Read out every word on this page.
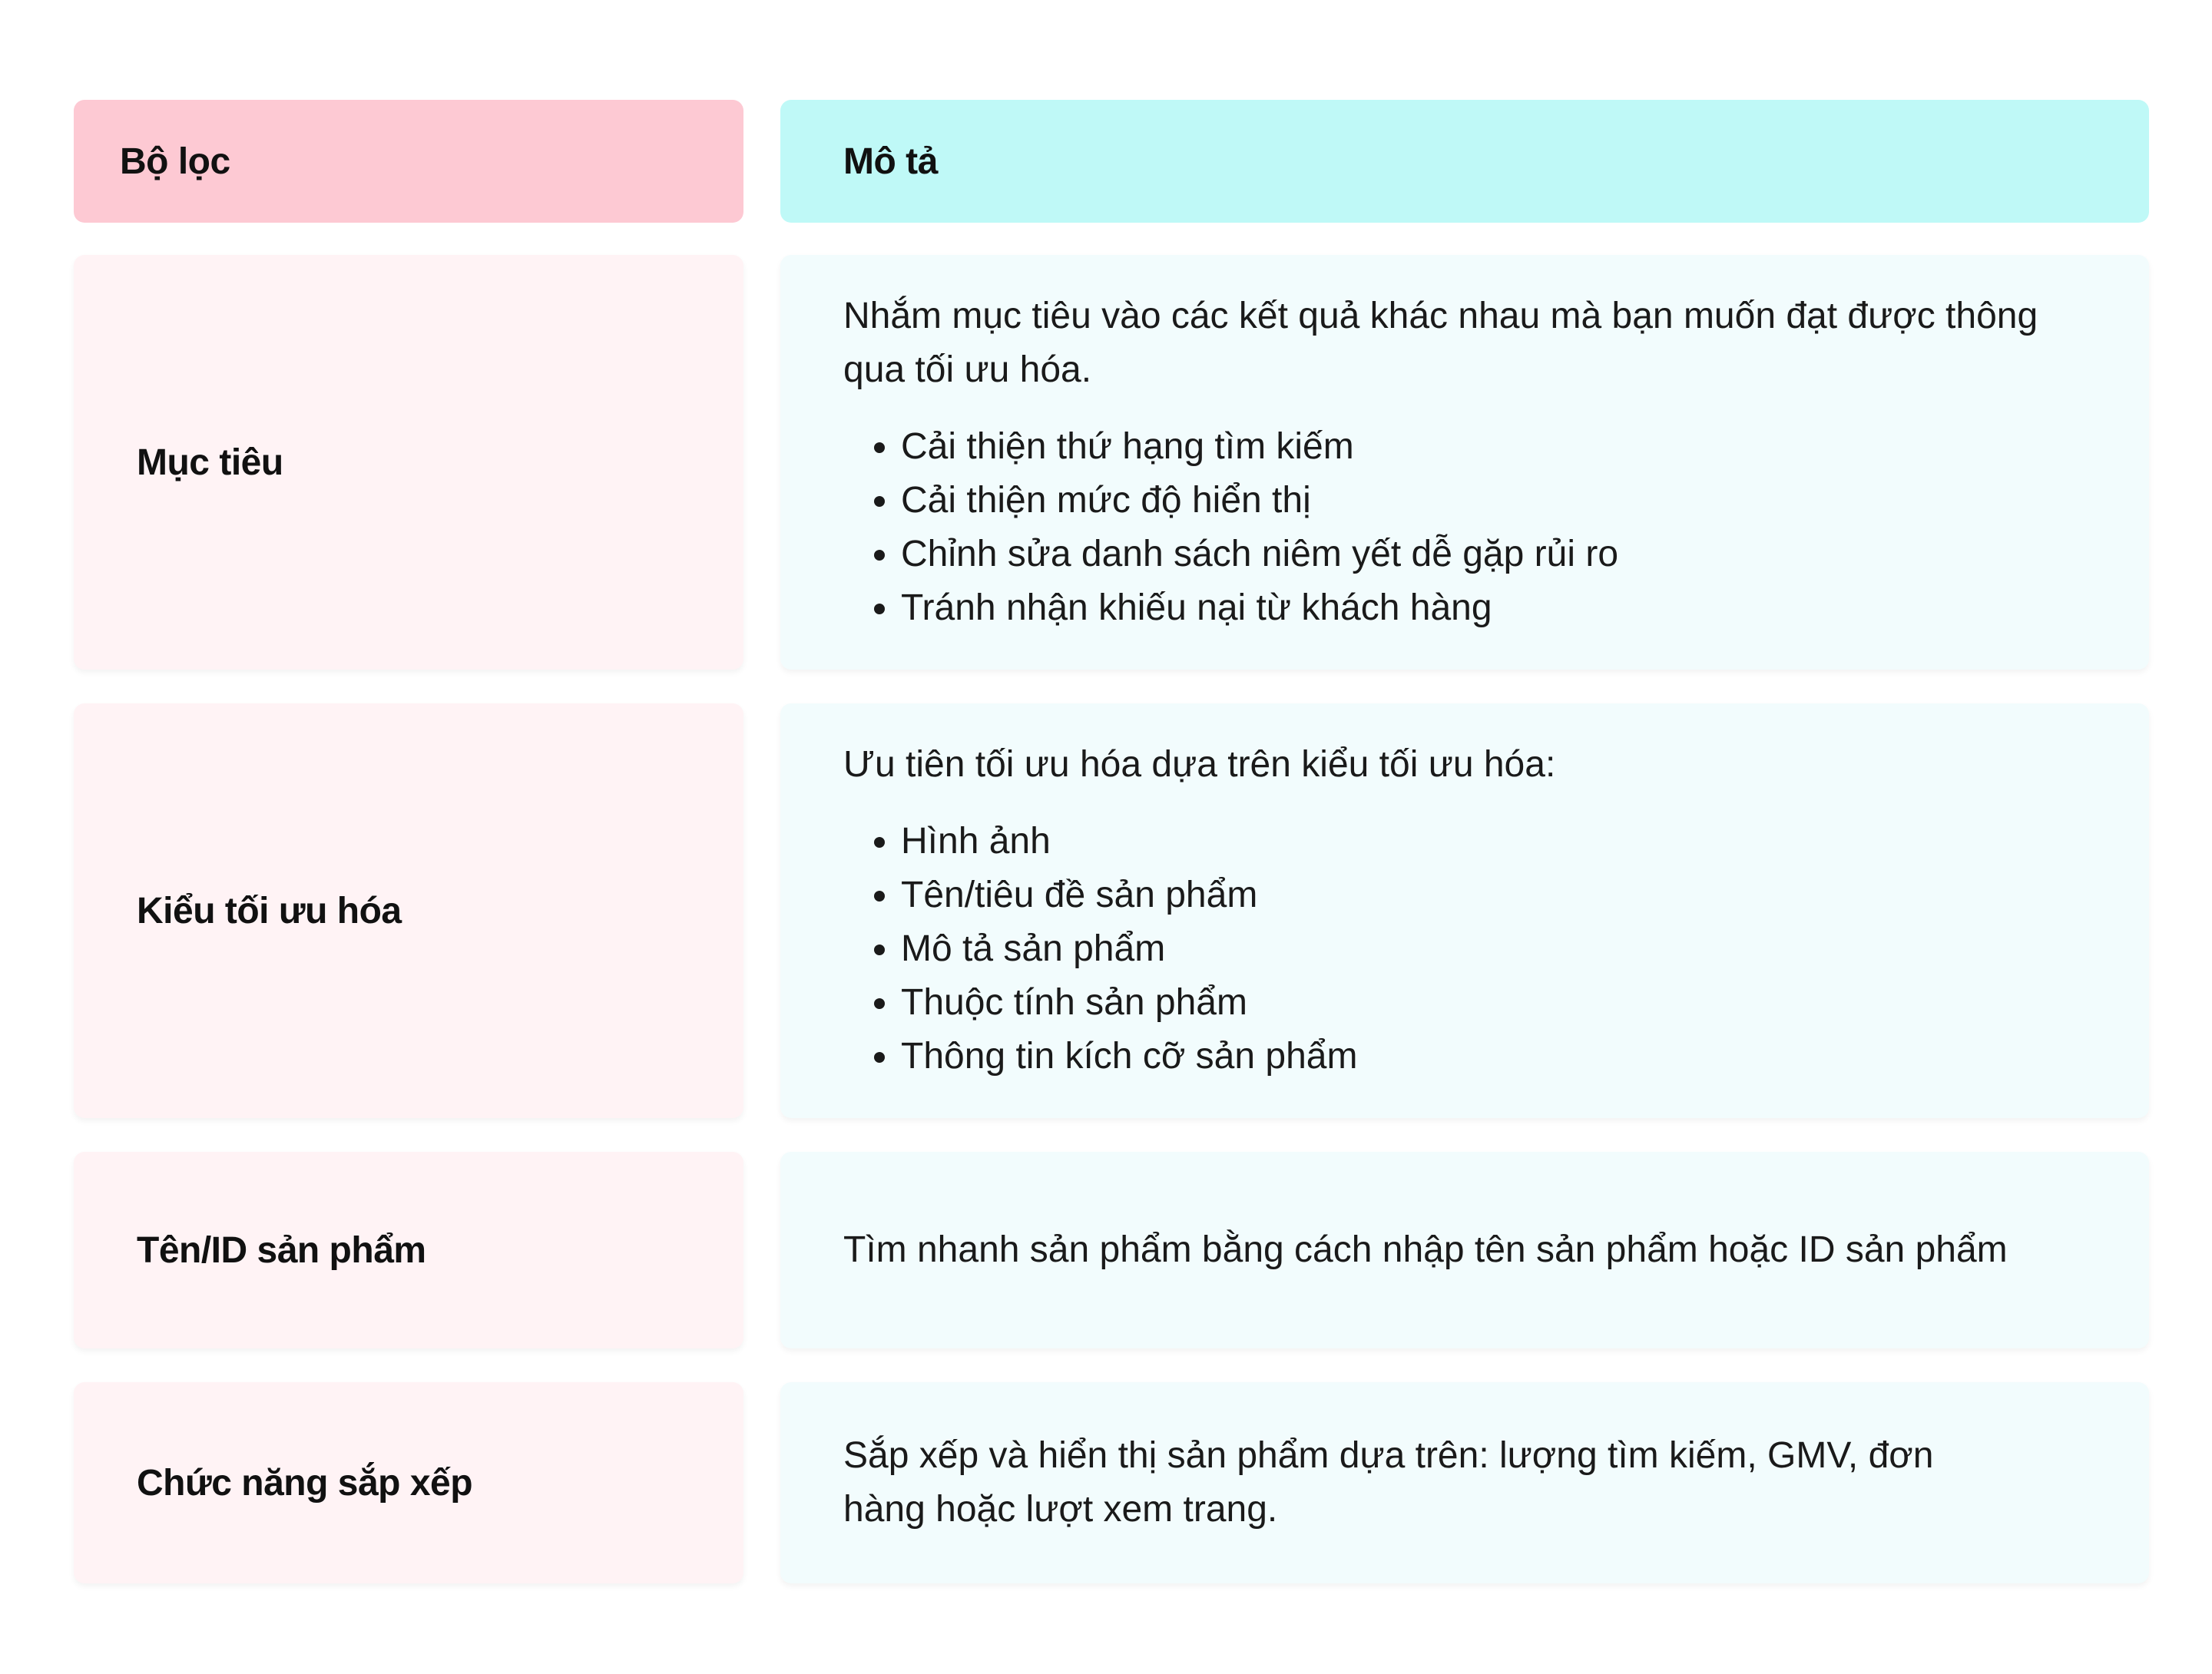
Bộ lọc	Mô tả
Mục tiêu

Nhắm mục tiêu vào các kết quả khác nhau mà bạn muốn đạt được thông qua tối ưu hóa.

• Cải thiện thứ hạng tìm kiếm
• Cải thiện mức độ hiển thị
• Chỉnh sửa danh sách niêm yết dễ gặp rủi ro
• Tránh nhận khiếu nại từ khách hàng
Kiểu tối ưu hóa

Ưu tiên tối ưu hóa dựa trên kiểu tối ưu hóa:

• Hình ảnh
• Tên/tiêu đề sản phẩm
• Mô tả sản phẩm
• Thuộc tính sản phẩm
• Thông tin kích cỡ sản phẩm
Tên/ID sản phẩm	Tìm nhanh sản phẩm bằng cách nhập tên sản phẩm hoặc ID sản phẩm

Chức năng sắp xếp

Sắp xếp và hiển thị sản phẩm dựa trên: lượng tìm kiếm, GMV, đơn hàng hoặc lượt xem trang.
